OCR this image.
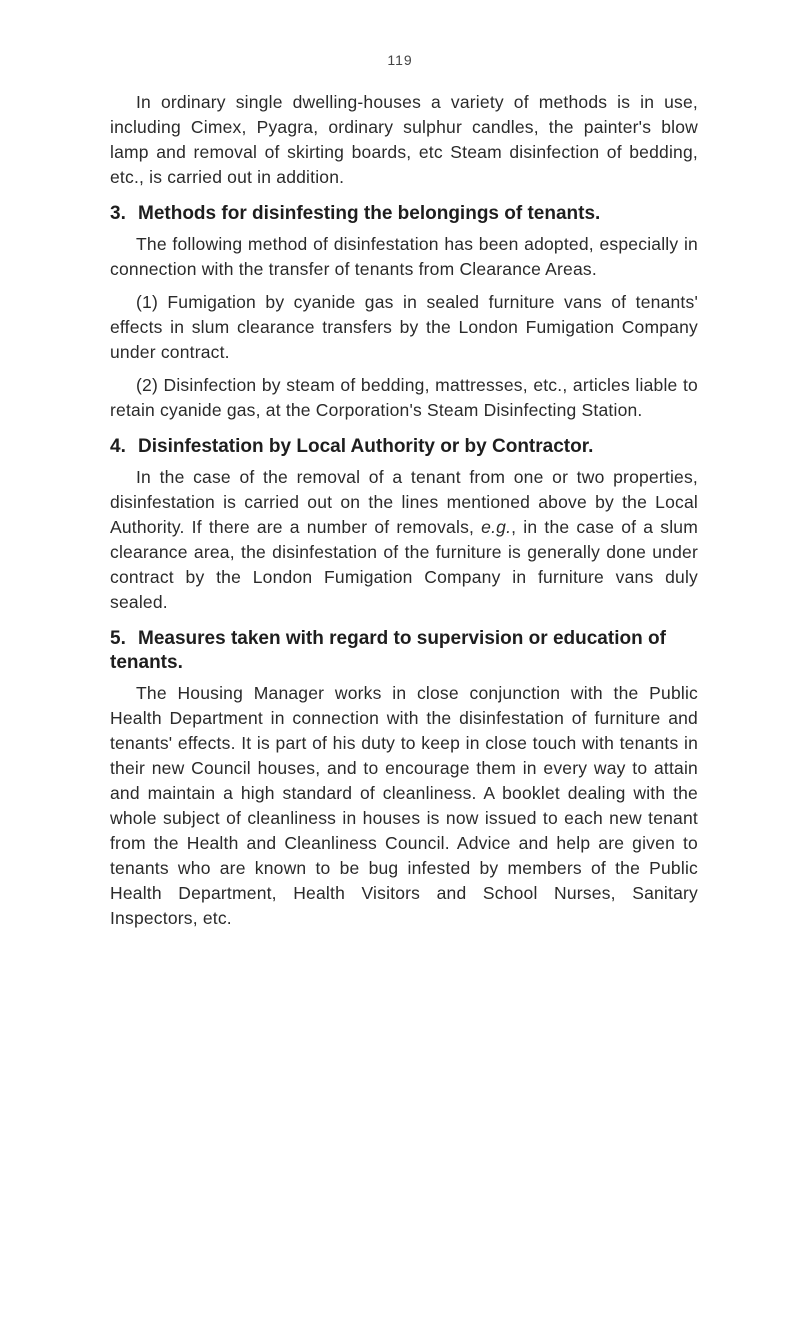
119

In ordinary single dwelling-houses a variety of methods is in use, including Cimex, Pyagra, ordinary sulphur candles, the painter's blow lamp and removal of skirting boards, etc Steam disinfection of bedding, etc., is carried out in addition.

3. Methods for disinfesting the belongings of tenants.

The following method of disinfestation has been adopted, especially in connection with the transfer of tenants from Clearance Areas.

(1) Fumigation by cyanide gas in sealed furniture vans of tenants' effects in slum clearance transfers by the London Fumigation Company under contract.

(2) Disinfection by steam of bedding, mattresses, etc., articles liable to retain cyanide gas, at the Corporation's Steam Disinfecting Station.

4. Disinfestation by Local Authority or by Contractor.

In the case of the removal of a tenant from one or two properties, disinfestation is carried out on the lines mentioned above by the Local Authority. If there are a number of removals, e.g., in the case of a slum clearance area, the disinfestation of the furniture is generally done under contract by the London Fumigation Company in furniture vans duly sealed.

5. Measures taken with regard to supervision or education of tenants.

The Housing Manager works in close conjunction with the Public Health Department in connection with the disinfestation of furniture and tenants' effects. It is part of his duty to keep in close touch with tenants in their new Council houses, and to encourage them in every way to attain and maintain a high standard of cleanliness. A booklet dealing with the whole subject of cleanliness in houses is now issued to each new tenant from the Health and Cleanliness Council. Advice and help are given to tenants who are known to be bug infested by members of the Public Health Department, Health Visitors and School Nurses, Sanitary Inspectors, etc.
